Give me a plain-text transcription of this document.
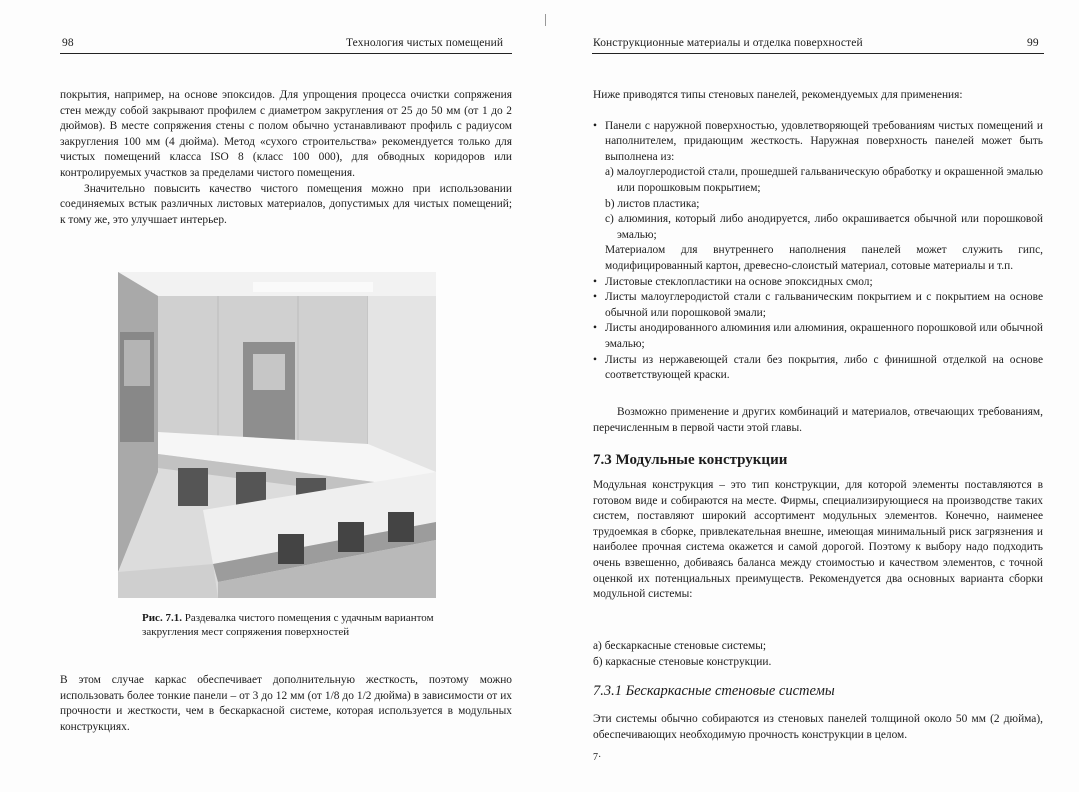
98	Технология чистых помещений

покрытия, например, на основе эпоксидов. Для упрощения процесса очистки сопряжения стен между собой закрывают профилем с диаметром закругления от 25 до 50 мм (от 1 до 2 дюймов). В месте сопряжения стены с полом обычно устанавливают профиль с радиусом закругления 100 мм (4 дюйма). Метод «сухого строительства» рекомендуется только для чистых помещений класса ISO 8 (класс 100 000), для обводных коридоров или контролируемых участков за пределами чистого помещения.

Значительно повысить качество чистого помещения можно при использовании соединяемых встык различных листовых материалов, допустимых для чистых помещений; к тому же, это улучшает интерьер.

Рис. 7.1. Раздевалка чистого помещения с удачным вариантом закругления мест сопряжения поверхностей

В этом случае каркас обеспечивает дополнительную жесткость, поэтому можно использовать более тонкие панели – от 3 до 12 мм (от 1/8 до 1/2 дюйма) в зависимости от их прочности и жесткости, чем в бескаркасной системе, которая используется в модульных конструкциях.

Конструкционные материалы и отделка поверхностей	99

Ниже приводятся типы стеновых панелей, рекомендуемых для применения:

• Панели с наружной поверхностью, удовлетворяющей требованиям чистых помещений и наполнителем, придающим жесткость. Наружная поверхность панелей может быть выполнена из:

а) малоуглеродистой стали, прошедшей гальваническую обработку и окрашенной эмалью или порошковым покрытием;

b) листов пластика;

с) алюминия, который либо анодируется, либо окрашивается обычной или порошковой эмалью;

Материалом для внутреннего наполнения панелей может служить гипс, модифицированный картон, древесно-слоистый материал, сотовые материалы и т.п.

• Листовые стеклопластики на основе эпоксидных смол;
• Листы малоуглеродистой стали с гальваническим покрытием и с покрытием на основе обычной или порошковой эмали;
• Листы анодированного алюминия или алюминия, окрашенного порошковой или обычной эмалью;
• Листы из нержавеющей стали без покрытия, либо с финишной отделкой на основе соответствующей краски.

Возможно применение и других комбинаций и материалов, отвечающих требованиям, перечисленным в первой части этой главы.

7.3 Модульные конструкции

Модульная конструкция – это тип конструкции, для которой элементы поставляются в готовом виде и собираются на месте. Фирмы, специализирующиеся на производстве таких систем, поставляют широкий ассортимент модульных элементов. Конечно, наименее трудоемкая в сборке, привлекательная внешне, имеющая минимальный риск загрязнения и наиболее прочная система окажется и самой дорогой. Поэтому к выбору надо подходить очень взвешенно, добиваясь баланса между стоимостью и качеством элементов, с точной оценкой их потенциальных преимуществ. Рекомендуется два основных варианта сборки модульной системы:

а) бескаркасные стеновые системы;

б) каркасные стеновые конструкции.

7.3.1 Бескаркасные стеновые системы

Эти системы обычно собираются из стеновых панелей толщиной около 50 мм (2 дюйма), обеспечивающих необходимую прочность конструкции в целом.

7·
